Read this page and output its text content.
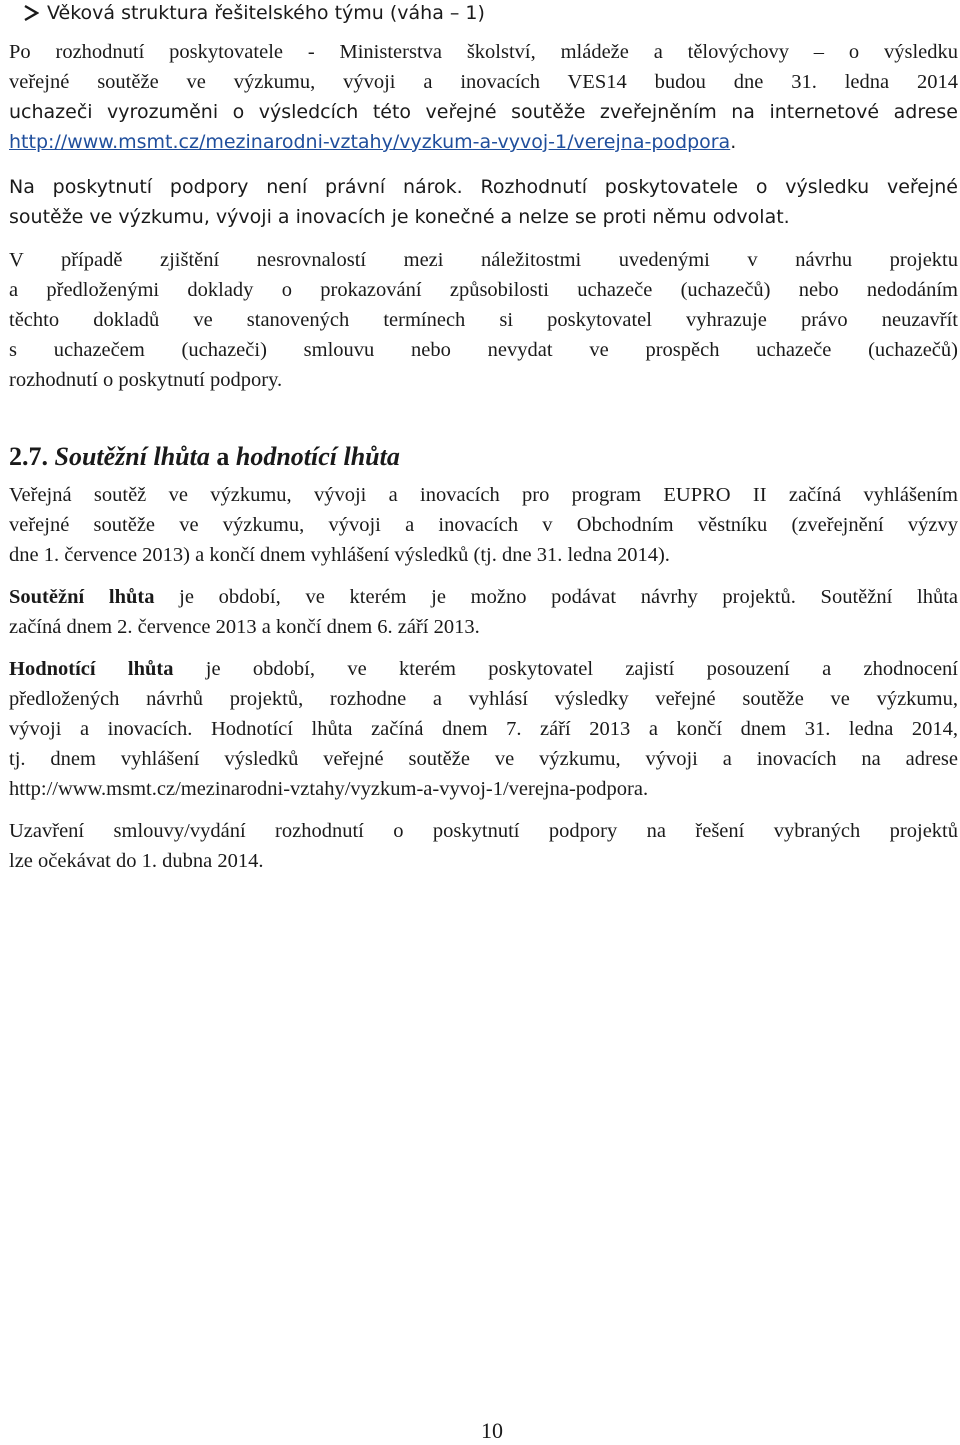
Věková struktura řešitelského týmu (váha – 1)
Po rozhodnutí poskytovatele - Ministerstva školství, mládeže a tělovýchovy – o výsledku
veřejné soutěže ve výzkumu, vývoji a inovacích VES14 budou dne 31. ledna 2014
uchazeči vyrozuměni o výsledcích této veřejné soutěže zveřejněním na internetové adrese
http://www.msmt.cz/mezinarodni-vztahy/vyzkum-a-vyvoj-1/verejna-podpora.
Na poskytnutí podpory není právní nárok. Rozhodnutí poskytovatele o výsledku veřejné
soutěže ve výzkumu, vývoji a inovacích je konečné a nelze se proti němu odvolat.
V případě zjištění nesrovnalostí mezi náležitostmi uvedenými v návrhu projektu
a předloženými doklady o prokazování způsobilosti uchazeče (uchazečů) nebo nedodáním
těchto dokladů ve stanovených termínech si poskytovatel vyhrazuje právo neuzavřít
s uchazečem (uchazeči) smlouvu nebo nevydat ve prospěch uchazeče (uchazečů)
rozhodnutí o poskytnutí podpory.
2.7. Soutěžní lhůta a hodnotící lhůta
Veřejná soutěž ve výzkumu, vývoji a inovacích pro program EUPRO II začíná vyhlášením
veřejné soutěže ve výzkumu, vývoji a inovacích v Obchodním věstníku (zveřejnění výzvy
dne 1. července 2013) a končí dnem vyhlášení výsledků (tj. dne 31. ledna 2014).
Soutěžní lhůta je období, ve kterém je možno podávat návrhy projektů. Soutěžní lhůta
začíná dnem 2. července 2013 a končí dnem 6. září 2013.
Hodnotící lhůta je období, ve kterém poskytovatel zajistí posouzení a zhodnocení
předložených návrhů projektů, rozhodne a vyhlásí výsledky veřejné soutěže ve výzkumu,
vývoji a inovacích. Hodnotící lhůta začíná dnem 7. září 2013 a končí dnem 31. ledna 2014,
tj. dnem vyhlášení výsledků veřejné soutěže ve výzkumu, vývoji a inovacích na adrese
http://www.msmt.cz/mezinarodni-vztahy/vyzkum-a-vyvoj-1/verejna-podpora.
Uzavření smlouvy/vydání rozhodnutí o poskytnutí podpory na řešení vybraných projektů
lze očekávat do 1. dubna 2014.
10
